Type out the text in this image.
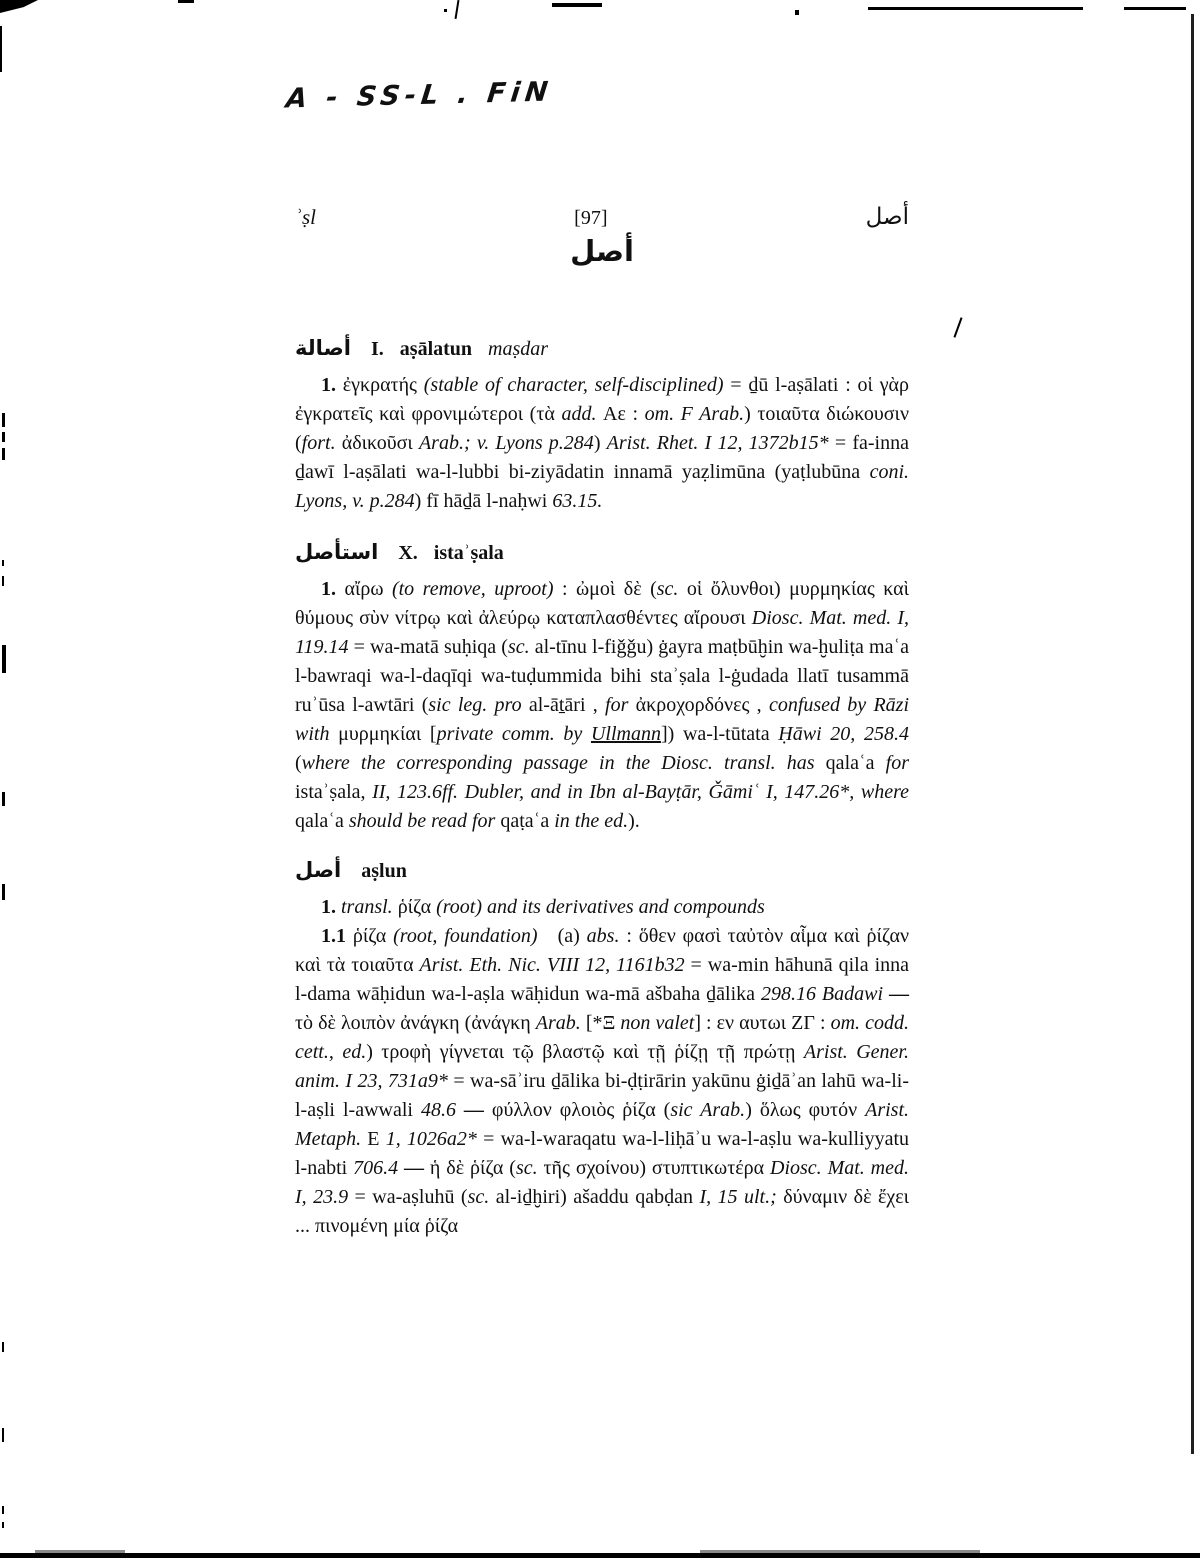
A - SS-L . FiN
ʾṣl	[97]	أصل
أصل
أصالة I. aṣālatun maṣdar

1. ἐγκρατής (stable of character, self-disciplined) = ḏū l-aṣālati : οἱ γὰρ ἐγκρατεῖς καὶ φρονιμώτεροι (τὰ add. Αε : om. F Arab.) τοιαῦτα διώκουσιν (fort. ἀδικοῦσι Arab.; v. Lyons p.284) Arist. Rhet. I 12, 1372b15* = fa-inna ḏawī l-aṣālati wa-l-lubbi bi-ziyādatin innamā yaẓlimūna (yaṭlubūna coni. Lyons, v. p.284) fī hāḏā l-naḥwi 63.15.

استأصل X. istaʾṣala

1. αἴρω (to remove, uproot) : ὠμοὶ δὲ (sc. οἱ ὄλυνθοι) μυρμηκίας καὶ θύμους σὺν νίτρῳ καὶ ἀλεύρῳ καταπλασθέντες αἴρουσι Diosc. Mat. med. I, 119.14 = wa-matā suḥiqa (sc. al-tīnu l-fiǧǧu) ġayra maṭbūḫin wa-ḫuliṭa maʿa l-bawraqi wa-l-daqīqi wa-tuḍummida bihi staʾṣala l-ġudada llatī tusammā ruʾūsa l-awtāri (sic leg. pro al-āṯāri , for ἀκροχορδόνες , confused by Rāzi with μυρμηκίαι [private comm. by Ullmann]) wa-l-tūtata Ḥāwi 20, 258.4 (where the corresponding passage in the Diosc. transl. has qalaʿa for istaʾṣala, II, 123.6ff. Dubler, and in Ibn al-Bayṭār, Ǧāmiʿ I, 147.26*, where qalaʿa should be read for qaṭaʿa in the ed.).

أصل aṣlun

1. transl. ῥίζα (root) and its derivatives and compounds

1.1 ῥίζα (root, foundation)  (a) abs. : ὅθεν φασὶ ταὐτὸν αἷμα καὶ ῥίζαν καὶ τὰ τοιαῦτα Arist. Eth. Nic. VIII 12, 1161b32 = wa-min hāhunā qila inna l-dama wāḥidun wa-l-aṣla wāḥidun wa-mā ašbaha ḏālika 298.16 Badawi — τὸ δὲ λοιπὸν ἀνάγκη (ἀνάγκη Arab. [*Ξ non valet] : εν αυτωι ΖΓ : om. codd. cett., ed.) τροφὴ γίγνεται τῷ βλαστῷ καὶ τῇ ῥίζῃ τῇ πρώτῃ Arist. Gener. anim. I 23, 731a9* = wa-sāʾiru ḏālika bi-ḍṭirārin yakūnu ġiḏāʾan lahū wa-li-l-aṣli l-awwali 48.6 — φύλλον φλοιὸς ῥίζα (sic Arab.) ὅλως φυτόν Arist. Metaph. Ε 1, 1026a2* = wa-l-waraqatu wa-l-liḥāʾu wa-l-aṣlu wa-kulliyyatu l-nabti 706.4 — ἡ δὲ ῥίζα (sc. τῆς σχοίνου) στυπτικωτέρα Diosc. Mat. med. I, 23.9 = wa-aṣluhū (sc. al-iḏḫiri) ašaddu qabḍan I, 15 ult.; δύναμιν δὲ ἔχει ... πινομένη μία ῥίζα
